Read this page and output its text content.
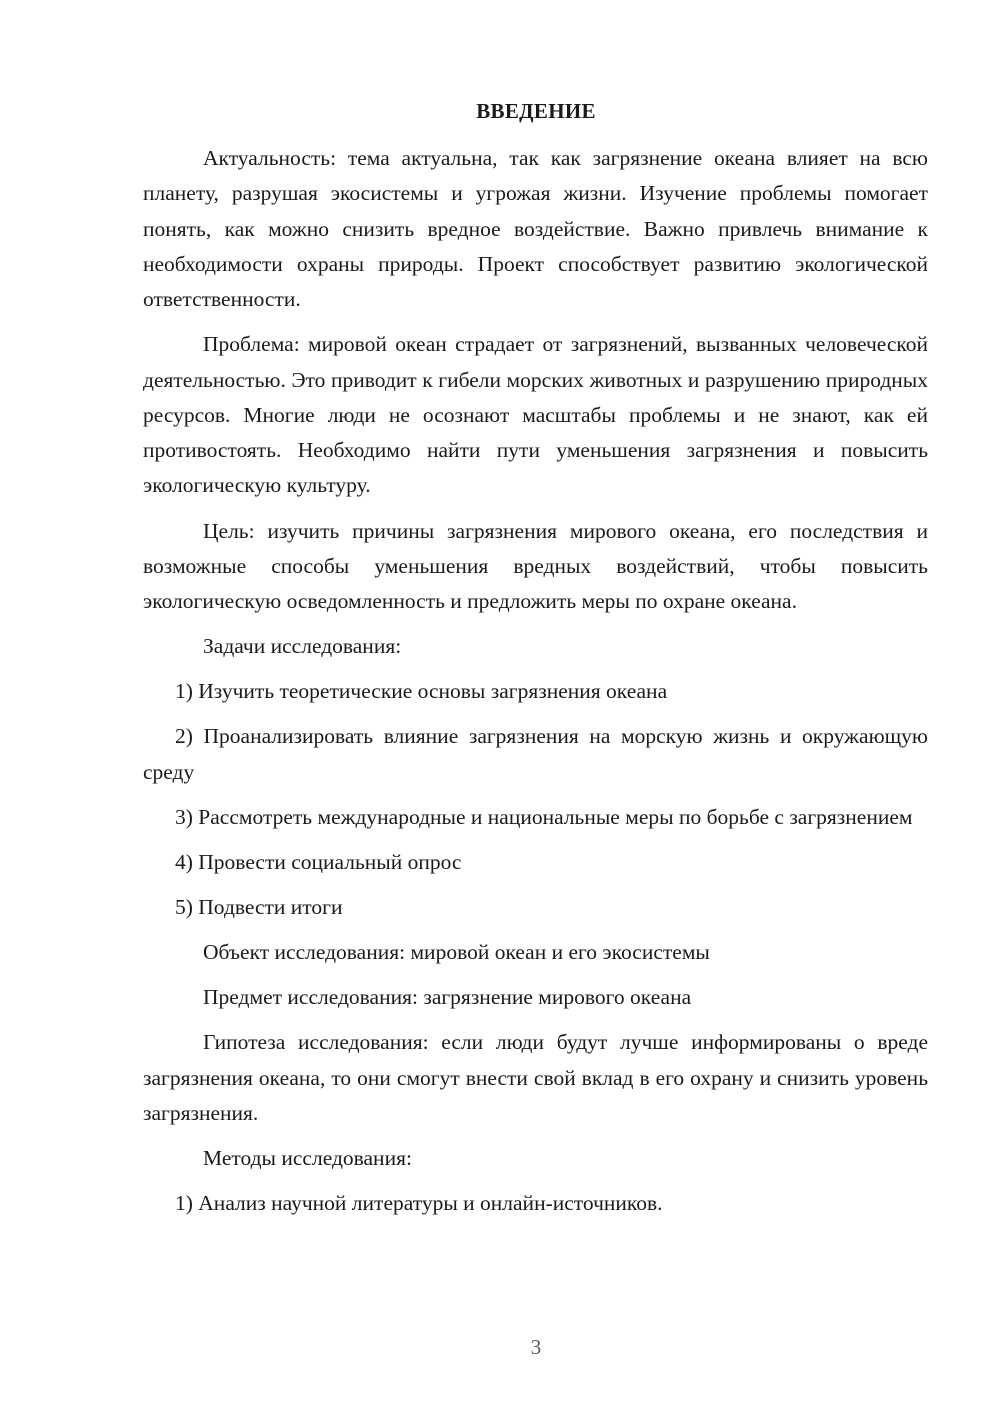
ВВЕДЕНИЕ

Актуальность: тема актуальна, так как загрязнение океана влияет на всю планету, разрушая экосистемы и угрожая жизни. Изучение проблемы помогает понять, как можно снизить вредное воздействие. Важно привлечь внимание к необходимости охраны природы. Проект способствует развитию экологической ответственности.

Проблема: мировой океан страдает от загрязнений, вызванных человеческой деятельностью. Это приводит к гибели морских животных и разрушению природных ресурсов. Многие люди не осознают масштабы проблемы и не знают, как ей противостоять. Необходимо найти пути уменьшения загрязнения и повысить экологическую культуру.

Цель: изучить причины загрязнения мирового океана, его последствия и возможные способы уменьшения вредных воздействий, чтобы повысить экологическую осведомленность и предложить меры по охране океана.

Задачи исследования:

1) Изучить теоретические основы загрязнения океана

2) Проанализировать влияние загрязнения на морскую жизнь и окружающую среду

3) Рассмотреть международные и национальные меры по борьбе с загрязнением

4) Провести социальный опрос

5) Подвести итоги

Объект исследования: мировой океан и его экосистемы

Предмет исследования: загрязнение мирового океана

Гипотеза исследования: если люди будут лучше информированы о вреде загрязнения океана, то они смогут внести свой вклад в его охрану и снизить уровень загрязнения.

Методы исследования:

1) Анализ научной литературы и онлайн-источников.

3
